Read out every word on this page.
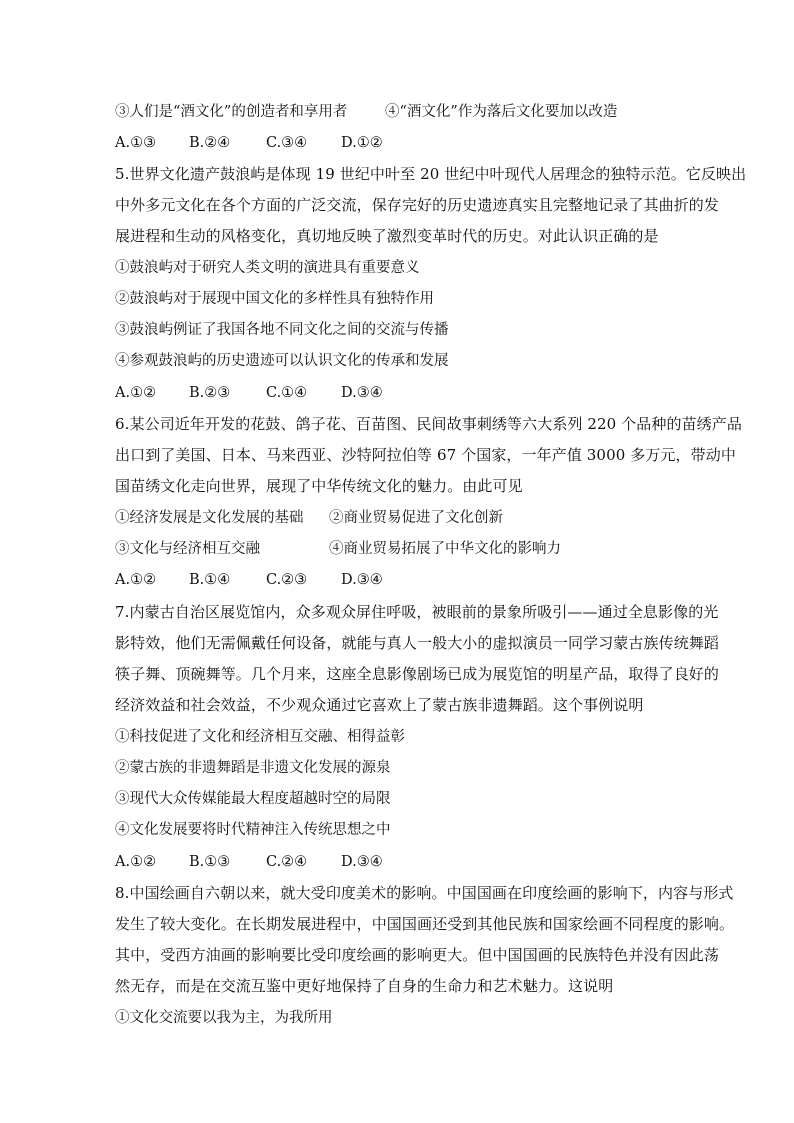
③人们是“酒文化”的创造者和享用者	④“酒文化”作为落后文化要加以改造
A.①③ B.②④ C.③④ D.①②
5.世界文化遗产鼓浪屿是体现 19 世纪中叶至 20 世纪中叶现代人居理念的独特示范。它反映出
中外多元文化在各个方面的广泛交流，保存完好的历史遗迹真实且完整地记录了其曲折的发
展进程和生动的风格变化，真切地反映了激烈变革时代的历史。对此认识正确的是
①鼓浪屿对于研究人类文明的演进具有重要意义
②鼓浪屿对于展现中国文化的多样性具有独特作用
③鼓浪屿例证了我国各地不同文化之间的交流与传播
④参观鼓浪屿的历史遗迹可以认识文化的传承和发展
A.①② B.②③ C.①④ D.③④
6.某公司近年开发的花鼓、鸽子花、百苗图、民间故事刺绣等六大系列 220 个品种的苗绣产品
出口到了美国、日本、马来西亚、沙特阿拉伯等 67 个国家，一年产值 3000 多万元，带动中
国苗绣文化走向世界，展现了中华传统文化的魅力。由此可见
①经济发展是文化发展的基础 ②商业贸易促进了文化创新
③文化与经济相互交融	④商业贸易拓展了中华文化的影响力
A.①② B.①④ C.②③ D.③④
7.内蒙古自治区展览馆内，众多观众屏住呼吸，被眼前的景象所吸引——通过全息影像的光
影特效，他们无需佩戴任何设备，就能与真人一般大小的虚拟演员一同学习蒙古族传统舞蹈
筷子舞、顶碗舞等。几个月来，这座全息影像剧场已成为展览馆的明星产品，取得了良好的
经济效益和社会效益，不少观众通过它喜欢上了蒙古族非遗舞蹈。这个事例说明
①科技促进了文化和经济相互交融、相得益彰
②蒙古族的非遗舞蹈是非遗文化发展的源泉
③现代大众传媒能最大程度超越时空的局限
④文化发展要将时代精神注入传统思想之中
A.①② B.①③ C.②④ D.③④
8.中国绘画自六朝以来，就大受印度美术的影响。中国国画在印度绘画的影响下，内容与形式
发生了较大变化。在长期发展进程中，中国国画还受到其他民族和国家绘画不同程度的影响。
其中，受西方油画的影响要比受印度绘画的影响更大。但中国国画的民族特色并没有因此荡
然无存，而是在交流互鉴中更好地保持了自身的生命力和艺术魅力。这说明
①文化交流要以我为主，为我所用
